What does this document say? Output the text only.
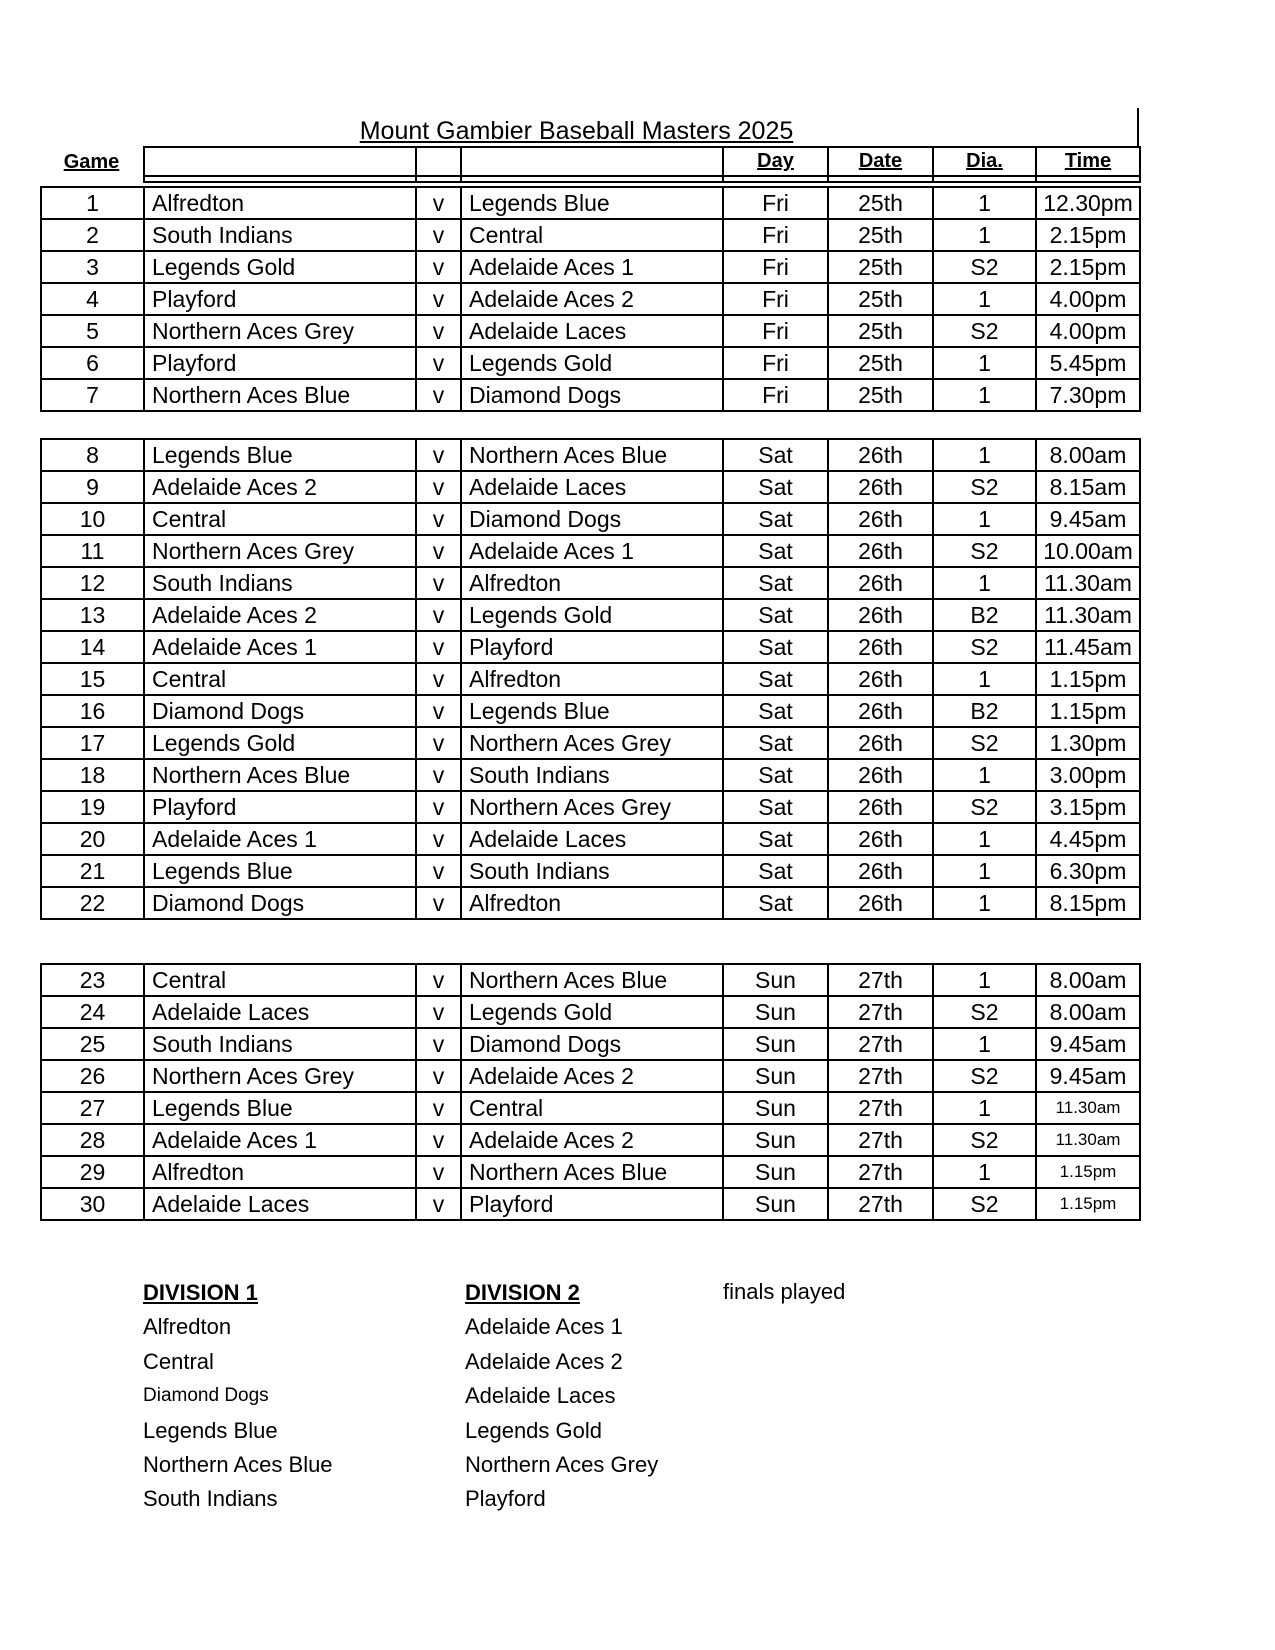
Mount Gambier Baseball Masters 2025
Game
				Day	Date	Dia.	Time

1	Alfredton	v	Legends Blue	Fri	25th	1	12.30pm
2	South Indians	v	Central	Fri	25th	1	2.15pm
3	Legends Gold	v	Adelaide Aces 1	Fri	25th	S2	2.15pm
4	Playford	v	Adelaide Aces 2	Fri	25th	1	4.00pm
5	Northern Aces Grey	v	Adelaide Laces	Fri	25th	S2	4.00pm
6	Playford	v	Legends Gold	Fri	25th	1	5.45pm
7	Northern Aces Blue	v	Diamond Dogs	Fri	25th	1	7.30pm
8	Legends Blue	v	Northern Aces Blue	Sat	26th	1	8.00am
9	Adelaide Aces 2	v	Adelaide Laces	Sat	26th	S2	8.15am
10	Central	v	Diamond Dogs	Sat	26th	1	9.45am
11	Northern Aces Grey	v	Adelaide Aces 1	Sat	26th	S2	10.00am
12	South Indians	v	Alfredton	Sat	26th	1	11.30am
13	Adelaide Aces 2	v	Legends Gold	Sat	26th	B2	11.30am
14	Adelaide Aces 1	v	Playford	Sat	26th	S2	11.45am
15	Central	v	Alfredton	Sat	26th	1	1.15pm
16	Diamond Dogs	v	Legends Blue	Sat	26th	B2	1.15pm
17	Legends Gold	v	Northern Aces Grey	Sat	26th	S2	1.30pm
18	Northern Aces Blue	v	South Indians	Sat	26th	1	3.00pm
19	Playford	v	Northern Aces Grey	Sat	26th	S2	3.15pm
20	Adelaide Aces 1	v	Adelaide Laces	Sat	26th	1	4.45pm
21	Legends Blue	v	South Indians	Sat	26th	1	6.30pm
22	Diamond Dogs	v	Alfredton	Sat	26th	1	8.15pm
23	Central	v	Northern Aces Blue	Sun	27th	1	8.00am
24	Adelaide Laces	v	Legends Gold	Sun	27th	S2	8.00am
25	South Indians	v	Diamond Dogs	Sun	27th	1	9.45am
26	Northern Aces Grey	v	Adelaide Aces 2	Sun	27th	S2	9.45am
27	Legends Blue	v	Central	Sun	27th	1	11.30am
28	Adelaide Aces 1	v	Adelaide Aces 2	Sun	27th	S2	11.30am
29	Alfredton	v	Northern Aces Blue	Sun	27th	1	1.15pm
30	Adelaide Laces	v	Playford	Sun	27th	S2	1.15pm
DIVISION 1
Alfredton
Central
Diamond Dogs
Legends Blue
Northern Aces Blue
South Indians
DIVISION 2
Adelaide Aces 1
Adelaide Aces 2
Adelaide Laces
Legends Gold
Northern Aces Grey
Playford
finals played
